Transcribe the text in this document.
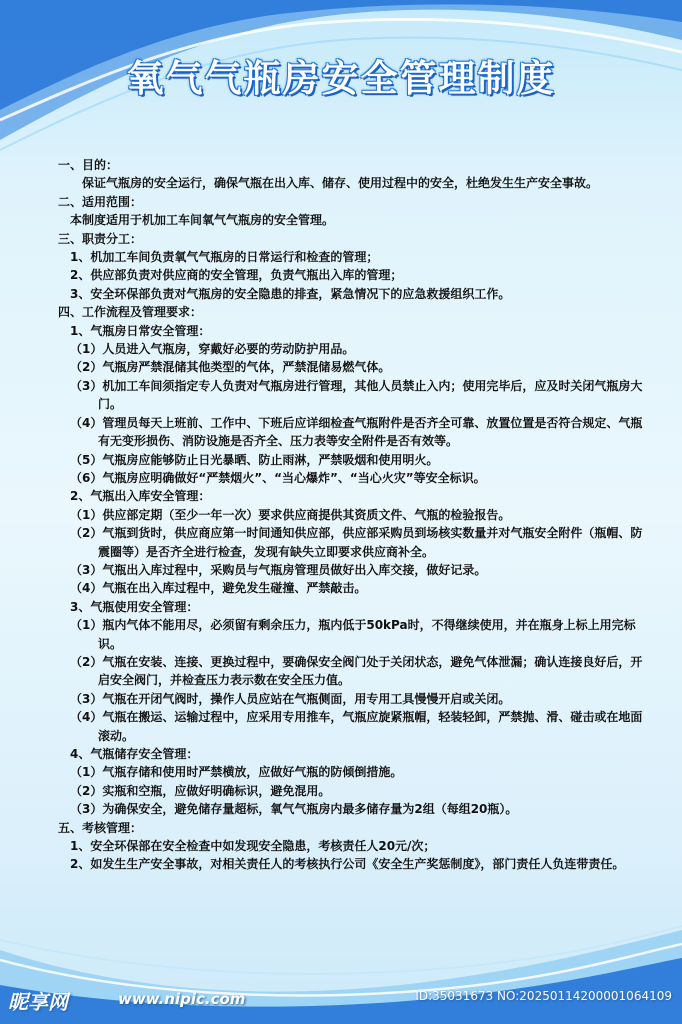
氧气气瓶房安全管理制度
一、目的：
保证气瓶房的安全运行，确保气瓶在出入库、储存、使用过程中的安全，杜绝发生生产安全事故。
二、适用范围：
本制度适用于机加工车间氧气气瓶房的安全管理。
三、职责分工：
1、机加工车间负责氧气气瓶房的日常运行和检查的管理；
2、供应部负责对供应商的安全管理，负责气瓶出入库的管理；
3、安全环保部负责对气瓶房的安全隐患的排查，紧急情况下的应急救援组织工作。
四、工作流程及管理要求：
1、气瓶房日常安全管理：
（1）人员进入气瓶房，穿戴好必要的劳动防护用品。
（2）气瓶房严禁混储其他类型的气体，严禁混储易燃气体。
（3）机加工车间须指定专人负责对气瓶房进行管理，其他人员禁止入内；使用完毕后，应及时关闭气瓶房大门。
（4）管理员每天上班前、工作中、下班后应详细检查气瓶附件是否齐全可靠、放置位置是否符合规定、气瓶有无变形损伤、消防设施是否齐全、压力表等安全附件是否有效等。
（5）气瓶房应能够防止日光暴晒、防止雨淋，严禁吸烟和使用明火。
（6）气瓶房应明确做好“严禁烟火”、“当心爆炸”、“当心火灾”等安全标识。
2、气瓶出入库安全管理：
（1）供应部定期（至少一年一次）要求供应商提供其资质文件、气瓶的检验报告。
（2）气瓶到货时，供应商应第一时间通知供应部，供应部采购员到场核实数量并对气瓶安全附件（瓶帽、防震圈等）是否齐全进行检查，发现有缺失立即要求供应商补全。
（3）气瓶出入库过程中，采购员与气瓶房管理员做好出入库交接，做好记录。
（4）气瓶在出入库过程中，避免发生碰撞、严禁敲击。
3、气瓶使用安全管理：
（1）瓶内气体不能用尽，必须留有剩余压力，瓶内低于50kPa时，不得继续使用，并在瓶身上标上用完标识。
（2）气瓶在安装、连接、更换过程中，要确保安全阀门处于关闭状态，避免气体泄漏；确认连接良好后，开启安全阀门，并检查压力表示数在安全压力值。
（3）气瓶在开闭气阀时，操作人员应站在气瓶侧面，用专用工具慢慢开启或关闭。
（4）气瓶在搬运、运输过程中，应采用专用推车，气瓶应旋紧瓶帽，轻装轻卸，严禁抛、滑、碰击或在地面滚动。
4、气瓶储存安全管理：
（1）气瓶存储和使用时严禁横放，应做好气瓶的防倾倒措施。
（2）实瓶和空瓶，应做好明确标识，避免混用。
（3）为确保安全，避免储存量超标，氧气气瓶房内最多储存量为2组（每组20瓶）。
五、考核管理：
1、安全环保部在安全检查中如发现安全隐患，考核责任人20元/次；
2、如发生生产安全事故，对相关责任人的考核执行公司《安全生产奖惩制度》，部门责任人负连带责任。
昵享网	www.nipic.com	ID:35031673 NO:20250114200001064109
